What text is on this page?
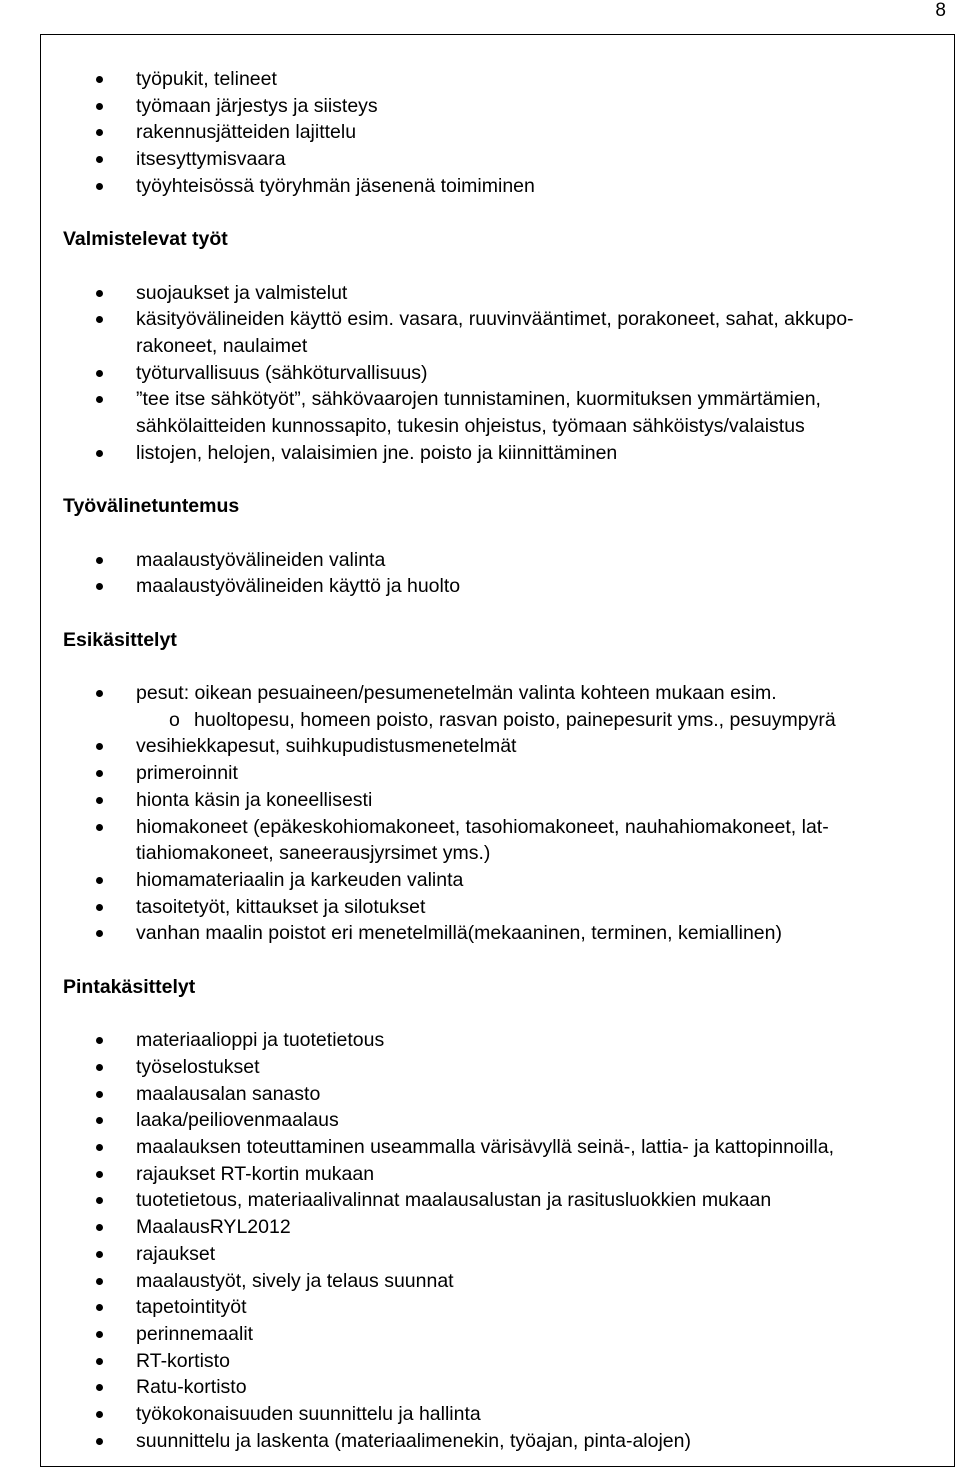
8
työpukit, telineet
työmaan järjestys ja siisteys
rakennusjätteiden lajittelu
itsesyttymisvaara
työyhteisössä työryhmän jäsenenä toimiminen
Valmistelevat työt
suojaukset ja valmistelut
käsityövälineiden käyttö esim. vasara, ruuvinvääntimet, porakoneet, sahat, akkupo-
rakoneet, naulaimet
työturvallisuus (sähköturvallisuus)
”tee itse sähkötyöt”, sähkövaarojen tunnistaminen, kuormituksen ymmärtämien,
sähkölaitteiden kunnossapito, tukesin ohjeistus, työmaan sähköistys/valaistus
listojen, helojen, valaisimien jne. poisto ja kiinnittäminen
Työvälinetuntemus
maalaustyövälineiden valinta
maalaustyövälineiden käyttö ja huolto
Esikäsittelyt
pesut: oikean pesuaineen/pesumenetelmän valinta kohteen mukaan esim.
o huoltopesu, homeen poisto, rasvan poisto, painepesurit yms., pesuympyrä
vesihiekkapesut, suihkupudistusmenetelmät
primeroinnit
hionta käsin ja koneellisesti
hiomakoneet (epäkeskohiomakoneet, tasohiomakoneet, nauhahiomakoneet, lat-
tiahiomakoneet, saneerausjyrsimet yms.)
hiomamateriaalin ja karkeuden valinta
tasoitetyöt, kittaukset ja silotukset
vanhan maalin poistot eri menetelmillä(mekaaninen, terminen, kemiallinen)
Pintakäsittelyt
materiaalioppi ja tuotetietous
työselostukset
maalausalan sanasto
laaka/peiliovenmaalaus
maalauksen toteuttaminen useammalla värisävyllä seinä-, lattia- ja kattopinnoilla,
rajaukset RT-kortin mukaan
tuotetietous, materiaalivalinnat maalausalustan ja rasitusluokkien mukaan
MaalausRYL2012
rajaukset
maalaustyöt, sively ja telaus suunnat
tapetointityöt
perinnemaalit
RT-kortisto
Ratu-kortisto
työkokonaisuuden suunnittelu ja hallinta
suunnittelu ja laskenta (materiaalimenekin, työajan, pinta-alojen)
